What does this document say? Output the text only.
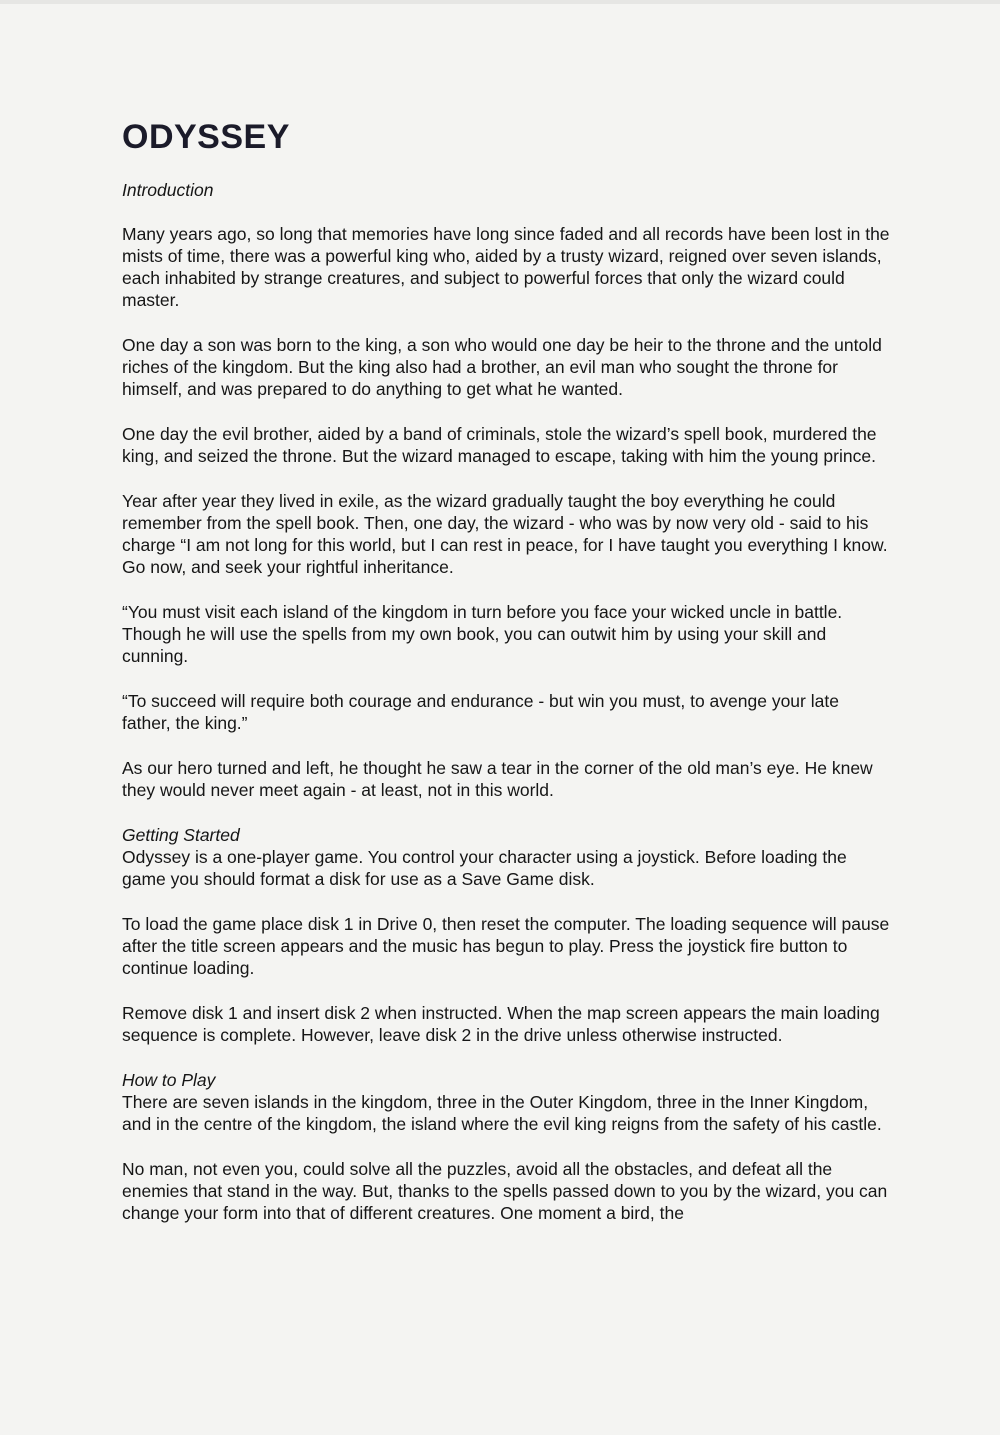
ODYSSEY
Introduction

Many years ago, so long that memories have long since faded and all records have been lost in the mists of time, there was a powerful king who, aided by a trusty wizard, reigned over seven islands, each inhabited by strange creatures, and subject to powerful forces that only the wizard could master.

One day a son was born to the king, a son who would one day be heir to the throne and the untold riches of the kingdom. But the king also had a brother, an evil man who sought the throne for himself, and was prepared to do anything to get what he wanted.

One day the evil brother, aided by a band of criminals, stole the wizard’s spell book, murdered the king, and seized the throne. But the wizard managed to escape, taking with him the young prince.

Year after year they lived in exile, as the wizard gradually taught the boy everything he could remember from the spell book. Then, one day, the wizard - who was by now very old - said to his charge “I am not long for this world, but I can rest in peace, for I have taught you everything I know. Go now, and seek your rightful inheritance.

“You must visit each island of the kingdom in turn before you face your wicked uncle in battle. Though he will use the spells from my own book, you can outwit him by using your skill and cunning.

“To succeed will require both courage and endurance - but win you must, to avenge your late father, the king.”

As our hero turned and left, he thought he saw a tear in the corner of the old man’s eye. He knew they would never meet again - at least, not in this world.

Getting Started

Odyssey is a one-player game. You control your character using a joystick. Before loading the game you should format a disk for use as a Save Game disk.

To load the game place disk 1 in Drive 0, then reset the computer. The loading sequence will pause after the title screen appears and the music has begun to play. Press the joystick fire button to continue loading.

Remove disk 1 and insert disk 2 when instructed. When the map screen appears the main loading sequence is complete. However, leave disk 2 in the drive unless otherwise instructed.

How to Play

There are seven islands in the kingdom, three in the Outer Kingdom, three in the Inner Kingdom, and in the centre of the kingdom, the island where the evil king reigns from the safety of his castle.

No man, not even you, could solve all the puzzles, avoid all the obstacles, and defeat all the enemies that stand in the way. But, thanks to the spells passed down to you by the wizard, you can change your form into that of different creatures. One moment a bird, the
